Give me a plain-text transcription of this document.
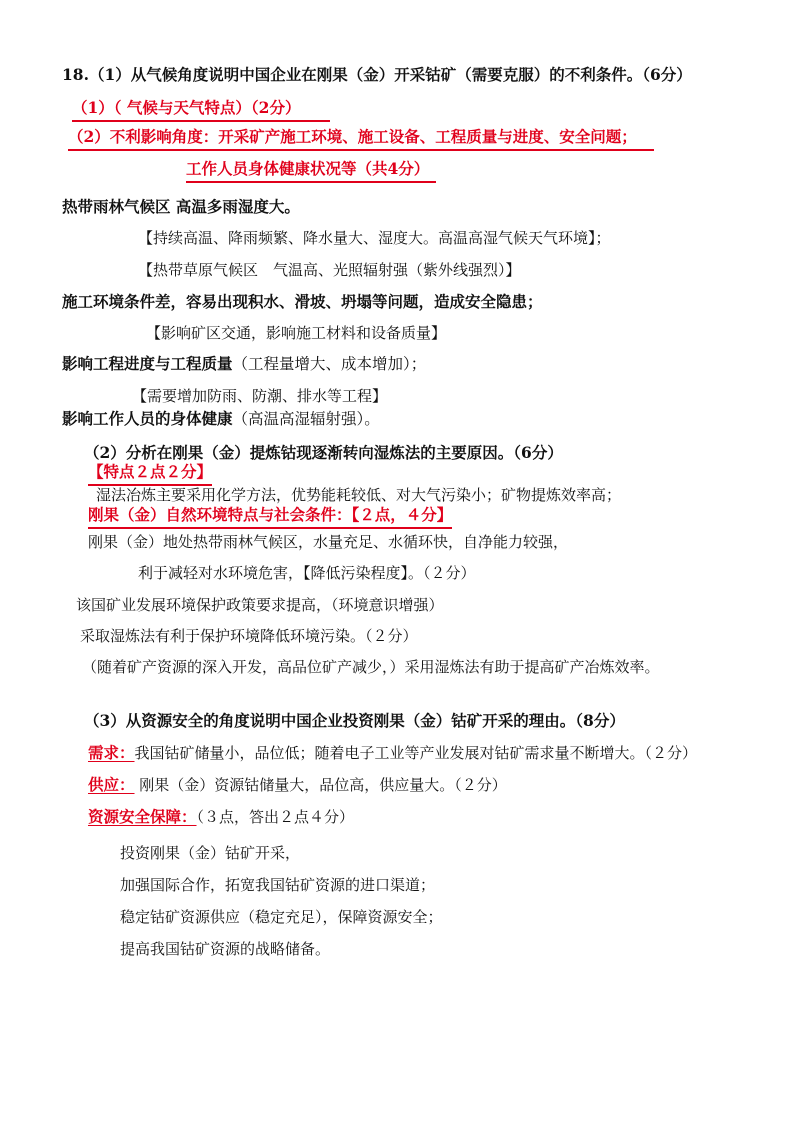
18.（1）从气候角度说明中国企业在刚果（金）开采钴矿（需要克服）的不利条件。（6分）
（1）（ 气候与天气特点）（2分）
（2）不利影响角度：开采矿产施工环境、施工设备、工程质量与进度、安全问题；
工作人员身体健康状况等（共4分）
热带雨林气候区 高温多雨湿度大。
【持续高温、降雨频繁、降水量大、湿度大。高温高湿气候天气环境】；
【热带草原气候区　气温高、光照辐射强（紫外线强烈）】
施工环境条件差，容易出现积水、滑坡、坍塌等问题，造成安全隐患；
【影响矿区交通，影响施工材料和设备质量】
影响工程进度与工程质量（工程量增大、成本增加）；
【需要增加防雨、防潮、排水等工程】
影响工作人员的身体健康（高温高湿辐射强）。
（2）分析在刚果（金）提炼钴现逐渐转向湿炼法的主要原因。（6分）
【特点２点２分】
湿法冶炼主要采用化学方法，优势能耗较低、对大气污染小；矿物提炼效率高；
刚果（金）自然环境特点与社会条件：【２点，４分】
刚果（金）地处热带雨林气候区，水量充足、水循环快，自净能力较强，
利于减轻对水环境危害，【降低污染程度】。（２分）
该国矿业发展环境保护政策要求提高，（环境意识增强）
采取湿炼法有利于保护环境降低环境污染。（２分）
（随着矿产资源的深入开发，高品位矿产减少，）采用湿炼法有助于提高矿产冶炼效率。
（3）从资源安全的角度说明中国企业投资刚果（金）钴矿开采的理由。（8分）
需求：我国钴矿储量小，品位低；随着电子工业等产业发展对钴矿需求量不断增大。（２分）
供应： 刚果（金）资源钴储量大，品位高，供应量大。（２分）
资源安全保障：（３点，答出２点４分）
投资刚果（金）钴矿开采，
加强国际合作，拓宽我国钴矿资源的进口渠道；
稳定钴矿资源供应（稳定充足），保障资源安全；
提高我国钴矿资源的战略储备。
